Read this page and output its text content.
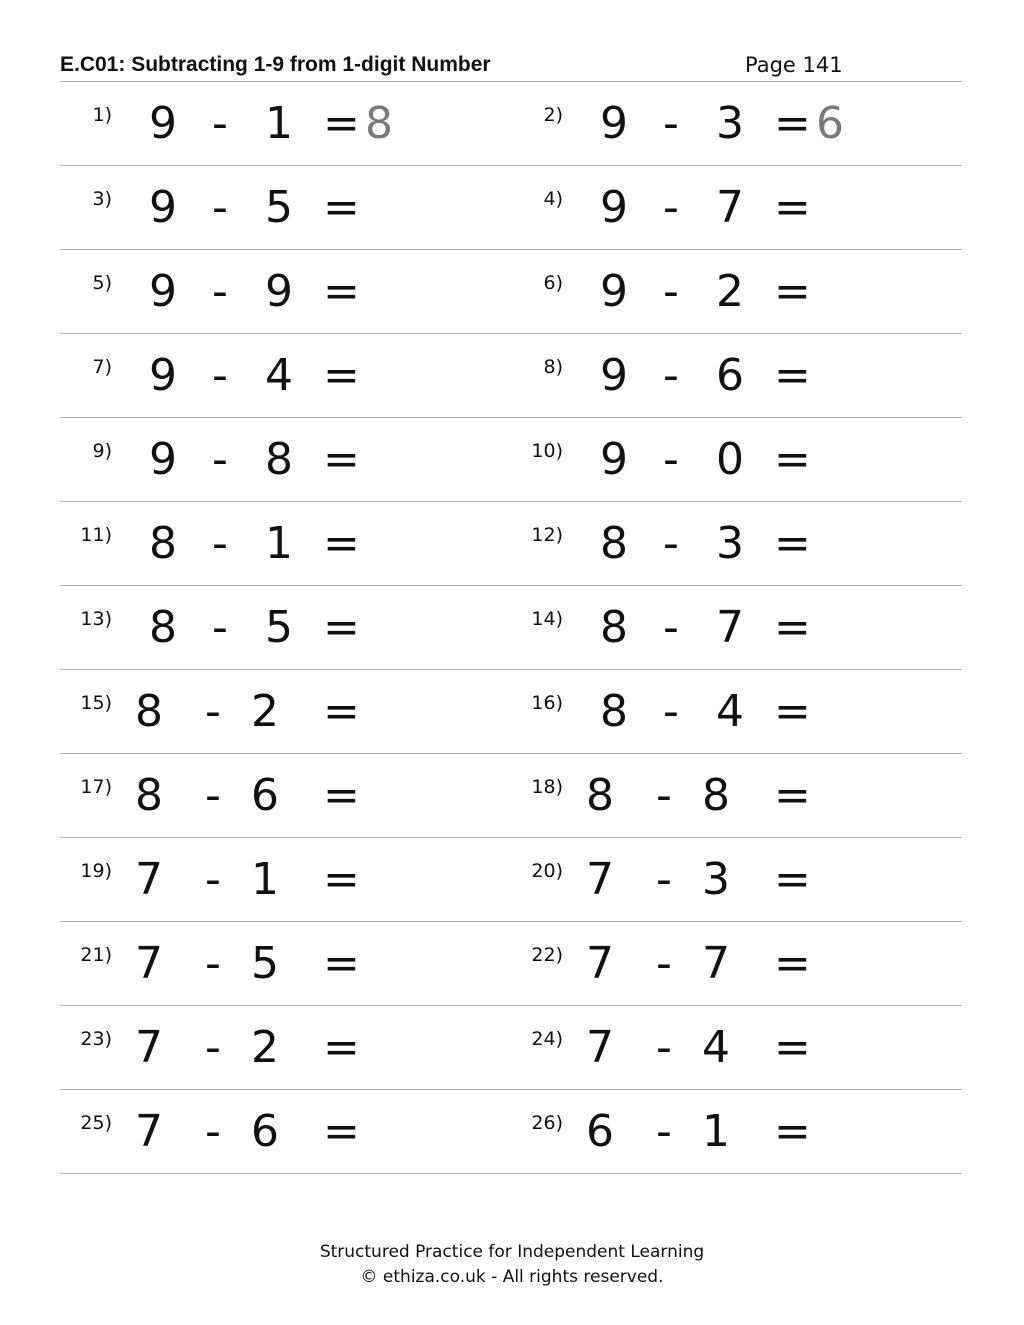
E.C01: Subtracting 1-9 from 1-digit Number	Page 141
1) 9 - 1 = 8	2) 9 - 3 = 6
3) 9 - 5 =	4) 9 - 7 =
5) 9 - 9 =	6) 9 - 2 =
7) 9 - 4 =	8) 9 - 6 =
9) 9 - 8 =	10) 9 - 0 =
11) 8 - 1 =	12) 8 - 3 =
13) 8 - 5 =	14) 8 - 7 =
15) 8 - 2 =	16) 8 - 4 =
17) 8 - 6 =	18) 8 - 8 =
19) 7 - 1 =	20) 7 - 3 =
21) 7 - 5 =	22) 7 - 7 =
23) 7 - 2 =	24) 7 - 4 =
25) 7 - 6 =	26) 6 - 1 =
Structured Practice for Independent Learning
© ethiza.co.uk - All rights reserved.
